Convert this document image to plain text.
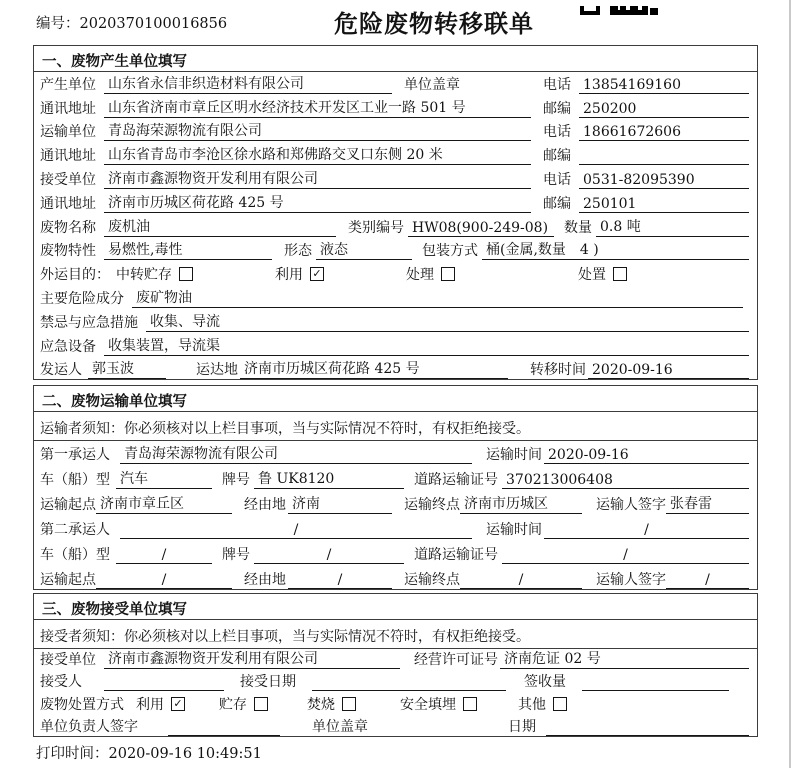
编号：2020370100016856	危险废物转移联单
一、废物产生单位填写
产生单位 山东省永信非织造材料有限公司	单位盖章	电话 13854169160
通讯地址 山东省济南市章丘区明水经济技术开发区工业一路 501 号	邮编 250200
运输单位 青岛海荣源物流有限公司	电话 18661672606
通讯地址 山东省青岛市李沧区徐水路和郑佛路交叉口东侧 20 米	邮编
接受单位 济南市鑫源物资开发利用有限公司	电话 0531-82095390
通讯地址 济南市历城区荷花路 425 号	邮编 250101
废物名称 废机油	类别编号 HW08(900-249-08)	数量 0.8 吨
废物特性 易燃性,毒性	形态 液态	包装方式 桶(金属,数量　4 )
外运目的： 中转贮存	利用 ✓	处理	处置
主要危险成分 废矿物油
禁忌与应急措施 收集、导流
应急设备 收集装置，导流渠
发运人 郭玉波	运达地 济南市历城区荷花路 425 号	转移时间 2020-09-16
二、废物运输单位填写
运输者须知：你必须核对以上栏目事项，当与实际情况不符时，有权拒绝接受。
第一承运人	青岛海荣源物流有限公司	运输时间 2020-09-16
车（船）型 汽车	牌号 鲁 UK8120	道路运输证号 370213006408
运输起点 济南市章丘区	经由地 济南	运输终点 济南市历城区	运输人签字 张春雷
第二承运人	/	运输时间	/
车（船）型	/	牌号	/	道路运输证号	/
运输起点	/	经由地	/	运输终点	/	运输人签字	/
三、废物接受单位填写
接受者须知：你必须核对以上栏目事项，当与实际情况不符时，有权拒绝接受。
接受单位 济南市鑫源物资开发利用有限公司	经营许可证号 济南危证 02 号
接受人	接受日期	签收量
废物处置方式 利用 ✓	贮存	焚烧	安全填埋	其他
单位负责人签字	单位盖章	日期
打印时间：2020-09-16 10:49:51
